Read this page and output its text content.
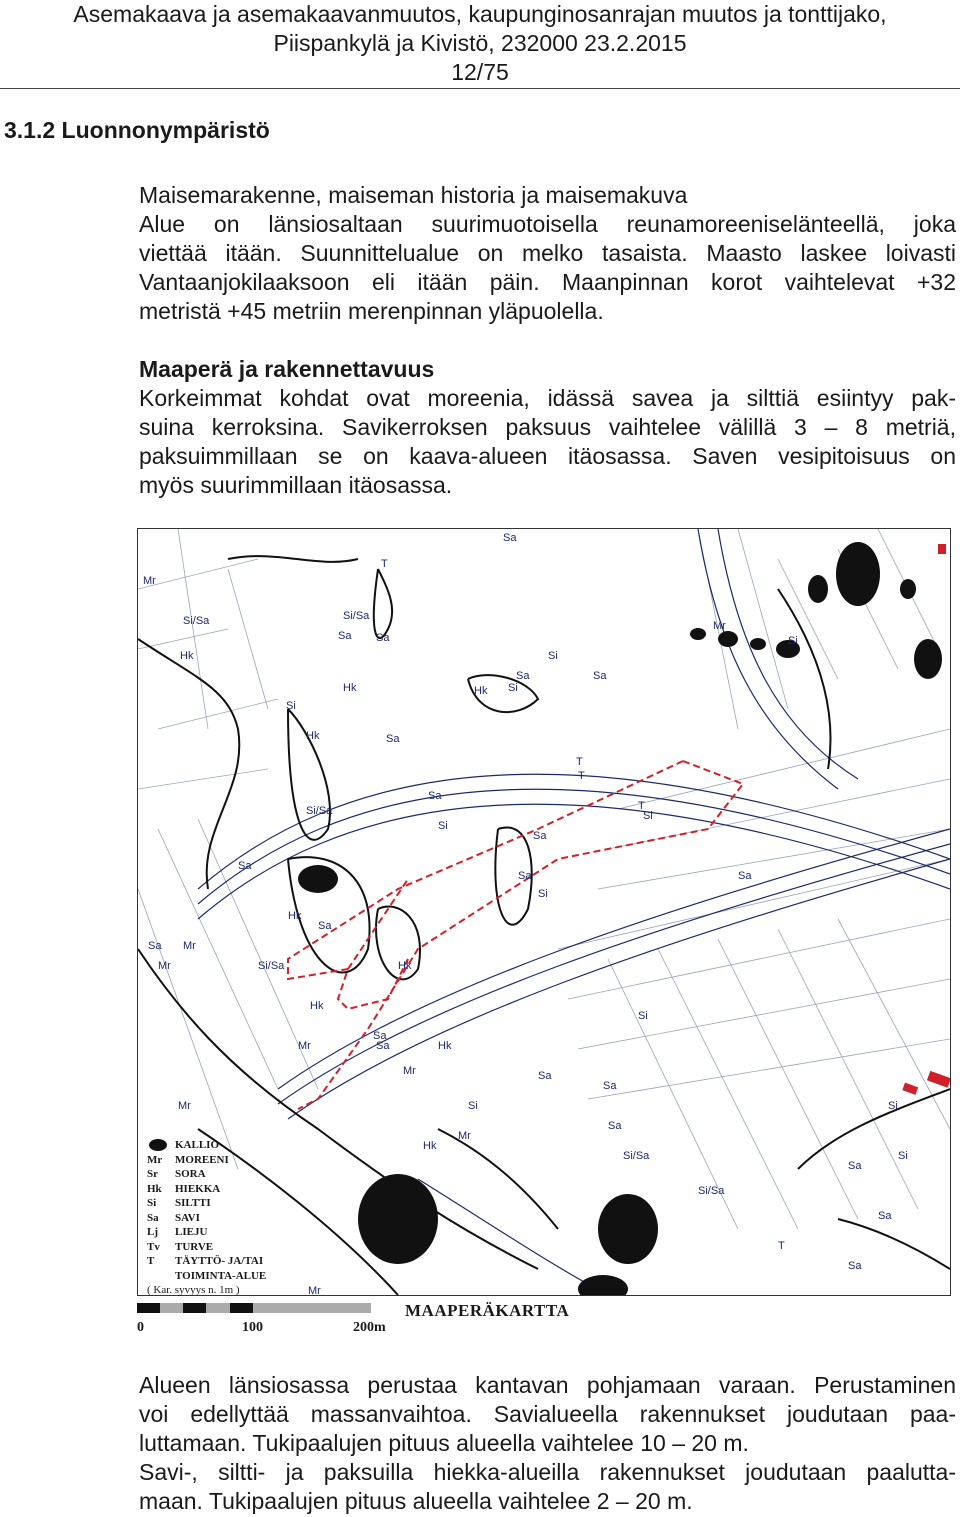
Asemakaava ja asemakaavanmuutos, kaupunginosanrajan muutos ja tonttijako,
Piispankylä ja Kivistö, 232000 23.2.2015
12/75
3.1.2 Luonnonympäristö
Maisemarakenne, maiseman historia ja maisemakuva
Alue on länsiosaltaan suurimuotoisella reunamoreeniselänteellä, joka
viettää itään. Suunnittelualue on melko tasaista. Maasto laskee loivasti
Vantaanjokilaaksoon eli itään päin. Maanpinnan korot vaihtelevat +32
metristä +45 metriin merenpinnan yläpuolella.
Maaperä ja rakennettavuus
Korkeimmat kohdat ovat moreenia, idässä savea ja silttiä esiintyy pak-
suina kerroksina. Savikerroksen paksuus vaihtelee välillä 3 – 8 metriä,
paksuimmillaan se on kaava-alueen itäosassa. Saven vesipitoisuus on
myös suurimmillaan itäosassa.
Sa
Si/Sa
Mr
Hk
T
Si
Sa
Si/Sa
Hk
Sa
Si
Sa
Hk Si
T
Mr
Si
Sa
Si/Sa
Hk	Sa
Sa
T
Sa
Si
Sa
Sa
Si
Si
Sa Mr
Hk
Sa
Mr
Hk
Si/Sa
Sa
Mr	Hk
Mr
Sa
Si
Hk
Sa
Si
Si
Sa
Sa
Mr
Si/Sa
Sa
Hk
Mr
Sa
T
Si
Sa
T
Si/Sa
Mr
Sa
KALLIO
Mr	MOREENI
Sr	SORA
Hk	HIEKKA
Si	SILTTI
Sa	SAVI
Lj	LIEJU
Tv	TURVE
T	TÄYTTÖ- JA/TAI
TOIMINTA-ALUE
( Kar. syvyys n. 1m )
0	100	200m
MAAPERÄKARTTA
Alueen länsiosassa perustaa kantavan pohjamaan varaan. Perustaminen
voi edellyttää massanvaihtoa. Savialueella rakennukset joudutaan paa-
luttamaan. Tukipaalujen pituus alueella vaihtelee 10 – 20 m.
Savi-, siltti- ja paksuilla hiekka-alueilla rakennukset joudutaan paalutta-
maan. Tukipaalujen pituus alueella vaihtelee 2 – 20 m.
